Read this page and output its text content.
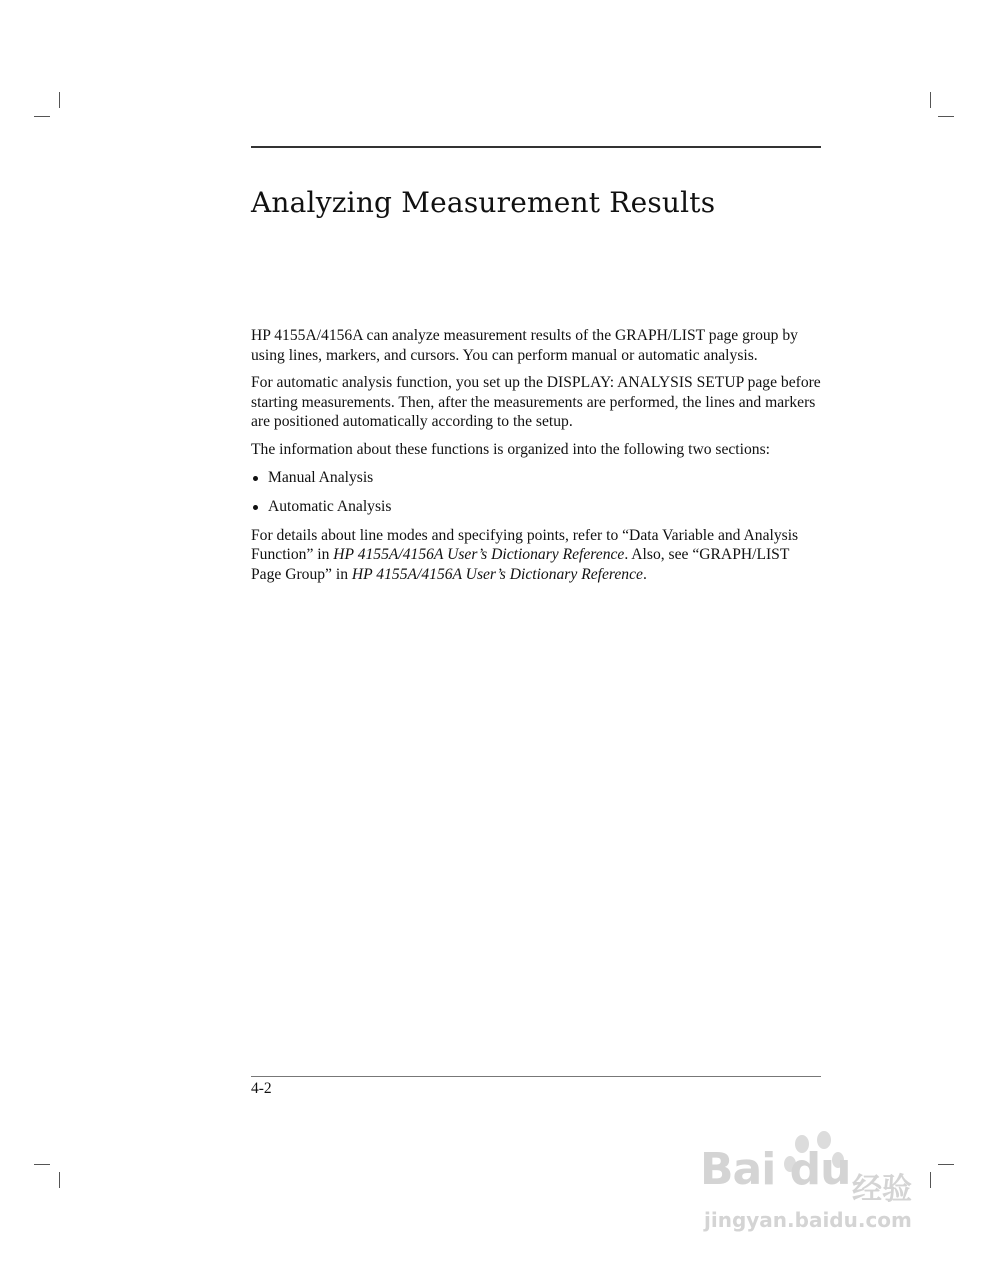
Analyzing Measurement Results

HP 4155A/4156A can analyze measurement results of the GRAPH/LIST page group by using lines, markers, and cursors. You can perform manual or automatic analysis.

For automatic analysis function, you set up the DISPLAY: ANALYSIS SETUP page before starting measurements. Then, after the measurements are performed, the lines and markers are positioned automatically according to the setup.

The information about these functions is organized into the following two sections:

Manual Analysis
Automatic Analysis

For details about line modes and specifying points, refer to “Data Variable and Analysis Function” in HP 4155A/4156A User’s Dictionary Reference. Also, see “GRAPH/LIST Page Group” in HP 4155A/4156A User’s Dictionary Reference.

4-2
Bai du 经验
jingyan.baidu.com
